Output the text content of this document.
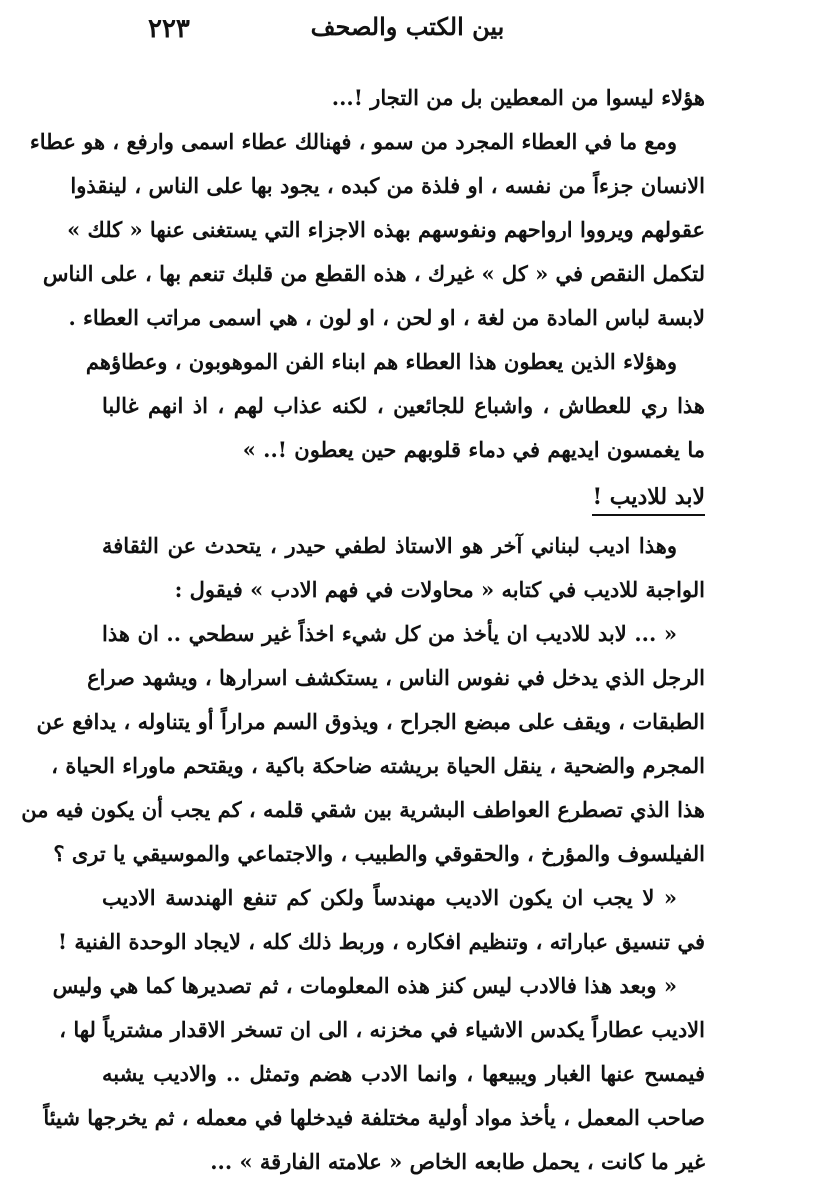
٢٢٣	بين الكتب والصحف
هؤلاء ليسوا من المعطين بل من التجار !...
ومع ما في العطاء المجرد من سمو ، فهنالك عطاء اسمى وارفع ، هو عطاء
الانسان جزءاً من نفسه ، او فلذة من كبده ، يجود بها على الناس ، لينقذوا
عقولهم ويرووا ارواحهم ونفوسهم بهذه الاجزاء التي يستغنى عنها « كلك »
لتكمل النقص في « كل » غيرك ، هذه القطع من قلبك تنعم بها ، على الناس
لابسة لباس المادة من لغة ، او لحن ، او لون ، هي اسمى مراتب العطاء .
وهؤلاء الذين يعطون هذا العطاء هم ابناء الفن الموهوبون ، وعطاؤهم
هذا ري للعطاش ، واشباع للجائعين ، لكنه عذاب لهم ، اذ انهم غالبا
ما يغمسون ايديهم في دماء قلوبهم حين يعطون !.. »
لابد للاديب !
وهذا اديب لبناني آخر هو الاستاذ لطفي حيدر ، يتحدث عن الثقافة
الواجبة للاديب في كتابه « محاولات في فهم الادب » فيقول :
« ... لابد للاديب ان يأخذ من كل شيء اخذاً غير سطحي .. ان هذا
الرجل الذي يدخل في نفوس الناس ، يستكشف اسرارها ، ويشهد صراع
الطبقات ، ويقف على مبضع الجراح ، ويذوق السم مراراً أو يتناوله ، يدافع عن
المجرم والضحية ، ينقل الحياة بريشته ضاحكة باكية ، ويقتحم ماوراء الحياة ،
هذا الذي تصطرع العواطف البشرية بين شقي قلمه ، كم يجب أن يكون فيه من
الفيلسوف والمؤرخ ، والحقوقي والطبيب ، والاجتماعي والموسيقي يا ترى ؟
« لا يجب ان يكون الاديب مهندساً ولكن كم تنفع الهندسة الاديب
في تنسيق عباراته ، وتنظيم افكاره ، وربط ذلك كله ، لايجاد الوحدة الفنية !
« وبعد هذا فالادب ليس كنز هذه المعلومات ، ثم تصديرها كما هي وليس
الاديب عطاراً يكدس الاشياء في مخزنه ، الى ان تسخر الاقدار مشترياً لها ،
فيمسح عنها الغبار ويبيعها ، وانما الادب هضم وتمثل .. والاديب يشبه
صاحب المعمل ، يأخذ مواد أولية مختلفة فيدخلها في معمله ، ثم يخرجها شيئاً
غير ما كانت ، يحمل طابعه الخاص « علامته الفارقة » ...
